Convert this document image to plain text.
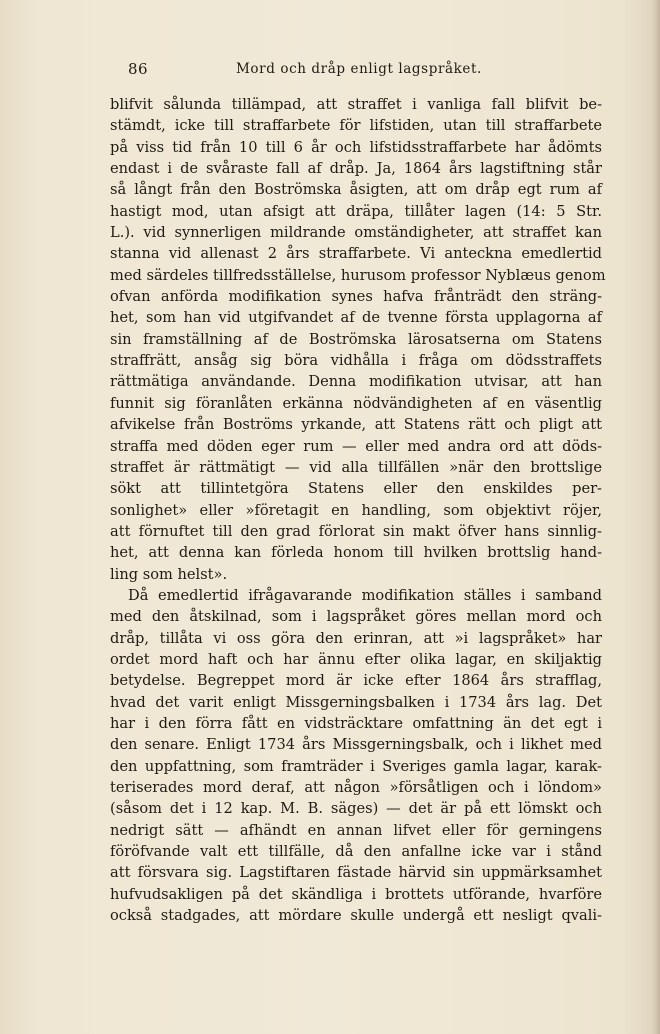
86	Mord och dråp enligt lagspråket.
blifvit sålunda tillämpad, att straffet i vanliga fall blifvit be-
stämdt, icke till straffarbete för lifstiden, utan till straffarbete
på viss tid från 10 till 6 år och lifstidsstraffarbete har ådömts
endast i de svåraste fall af dråp. Ja, 1864 års lagstiftning står
så långt från den Boströmska åsigten, att om dråp egt rum af
hastigt mod, utan afsigt att dräpa, tillåter lagen (14: 5 Str.
L.). vid synnerligen mildrande omständigheter, att straffet kan
stanna vid allenast 2 års straffarbete. Vi anteckna emedlertid
med särdeles tillfredsställelse, hurusom professor Nyblæus genom
ofvan anförda modifikation synes hafva frånträdt den sträng-
het, som han vid utgifvandet af de tvenne första upplagorna af
sin framställning af de Boströmska lärosatserna om Statens
straffrätt, ansåg sig böra vidhålla i fråga om dödsstraffets
rättmätiga användande. Denna modifikation utvisar, att han
funnit sig föranlåten erkänna nödvändigheten af en väsentlig
afvikelse från Boströms yrkande, att Statens rätt och pligt att
straffa med döden eger rum — eller med andra ord att döds-
straffet är rättmätigt — vid alla tillfällen »när den brottslige
sökt att tillintetgöra Statens eller den enskildes per-
sonlighet» eller »företagit en handling, som objektivt röjer,
att förnuftet till den grad förlorat sin makt öfver hans sinnlig-
het, att denna kan förleda honom till hvilken brottslig hand-
ling som helst».
Då emedlertid ifrågavarande modifikation ställes i samband
med den åtskilnad, som i lagspråket göres mellan mord och
dråp, tillåta vi oss göra den erinran, att »i lagspråket» har
ordet mord haft och har ännu efter olika lagar, en skiljaktig
betydelse. Begreppet mord är icke efter 1864 års strafflag,
hvad det varit enligt Missgerningsbalken i 1734 års lag. Det
har i den förra fått en vidsträcktare omfattning än det egt i
den senare. Enligt 1734 års Missgerningsbalk, och i likhet med
den uppfattning, som framträder i Sveriges gamla lagar, karak-
teriserades mord deraf, att någon »försåtligen och i löndom»
(såsom det i 12 kap. M. B. säges) — det är på ett lömskt och
nedrigt sätt — afhändt en annan lifvet eller för gerningens
föröfvande valt ett tillfälle, då den anfallne icke var i stånd
att försvara sig. Lagstiftaren fästade härvid sin uppmärksamhet
hufvudsakligen på det skändliga i brottets utförande, hvarföre
också stadgades, att mördare skulle undergå ett nesligt qvali-
